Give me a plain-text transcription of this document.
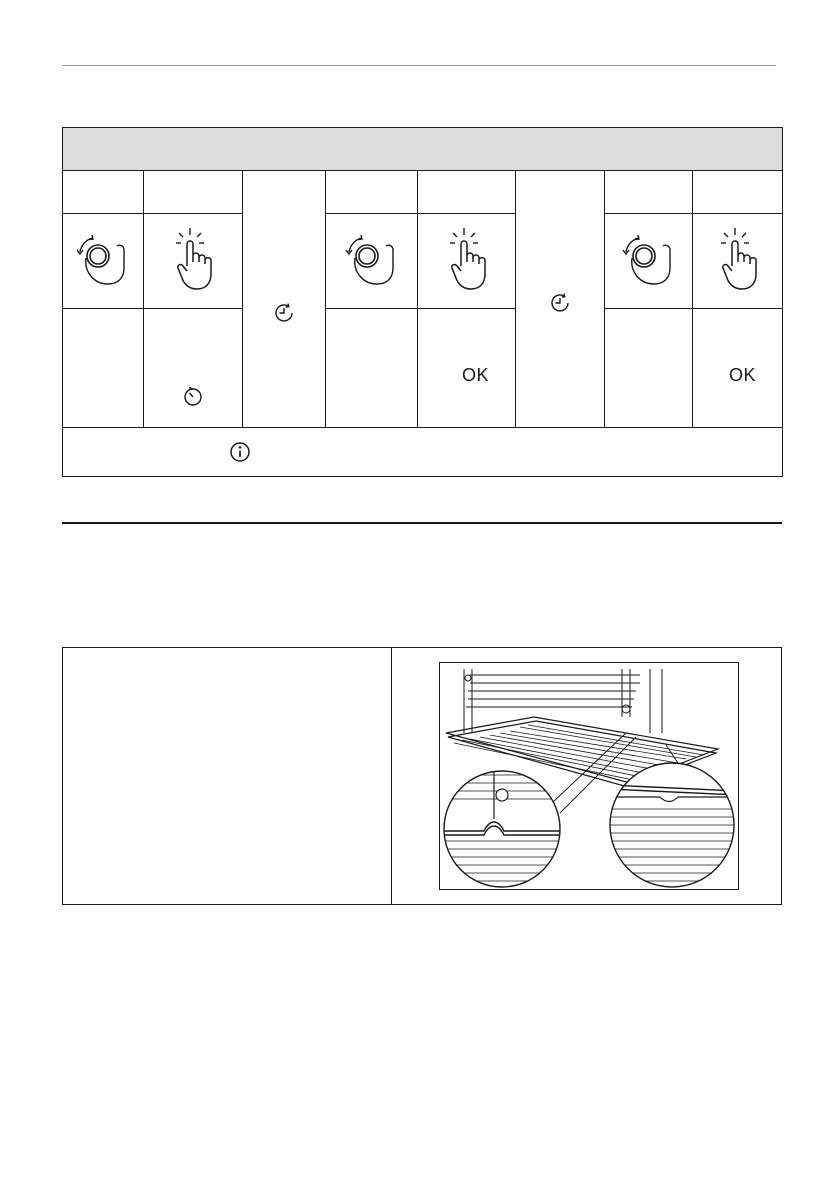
OK			OK
